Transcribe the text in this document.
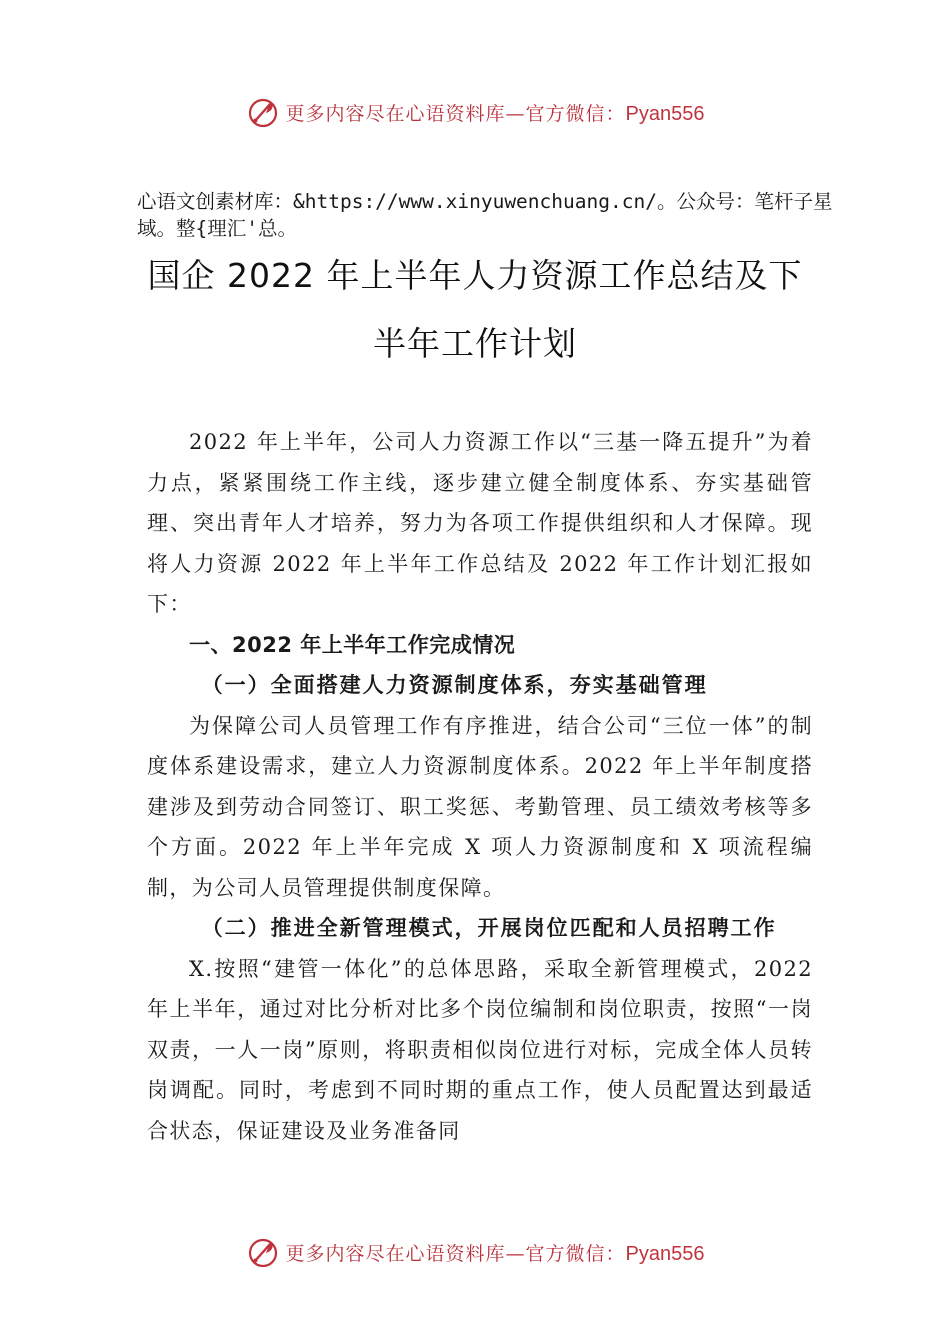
更多内容尽在心语资料库—官方微信：Pyan556
心语文创素材库：&https://www.xinyuwenchuang.cn/。公众号：笔杆子星域。整{理汇'总。
国企 2022 年上半年人力资源工作总结及下
半年工作计划

2022 年上半年，公司人力资源工作以“三基一降五提升”为着力点，紧紧围绕工作主线，逐步建立健全制度体系、夯实基础管理、突出青年人才培养，努力为各项工作提供组织和人才保障。现将人力资源 2022 年上半年工作总结及 2022 年工作计划汇报如下：

一、2022 年上半年工作完成情况

（一）全面搭建人力资源制度体系，夯实基础管理

为保障公司人员管理工作有序推进，结合公司“三位一体”的制度体系建设需求，建立人力资源制度体系。2022 年上半年制度搭建涉及到劳动合同签订、职工奖惩、考勤管理、员工绩效考核等多个方面。2022 年上半年完成 X 项人力资源制度和 X 项流程编制，为公司人员管理提供制度保障。

（二）推进全新管理模式，开展岗位匹配和人员招聘工作

X.按照“建管一体化”的总体思路，采取全新管理模式，2022 年上半年，通过对比分析对比多个岗位编制和岗位职责，按照“一岗双责，一人一岗”原则，将职责相似岗位进行对标，完成全体人员转岗调配。同时，考虑到不同时期的重点工作，使人员配置达到最适合状态，保证建设及业务准备同

更多内容尽在心语资料库—官方微信：Pyan556
